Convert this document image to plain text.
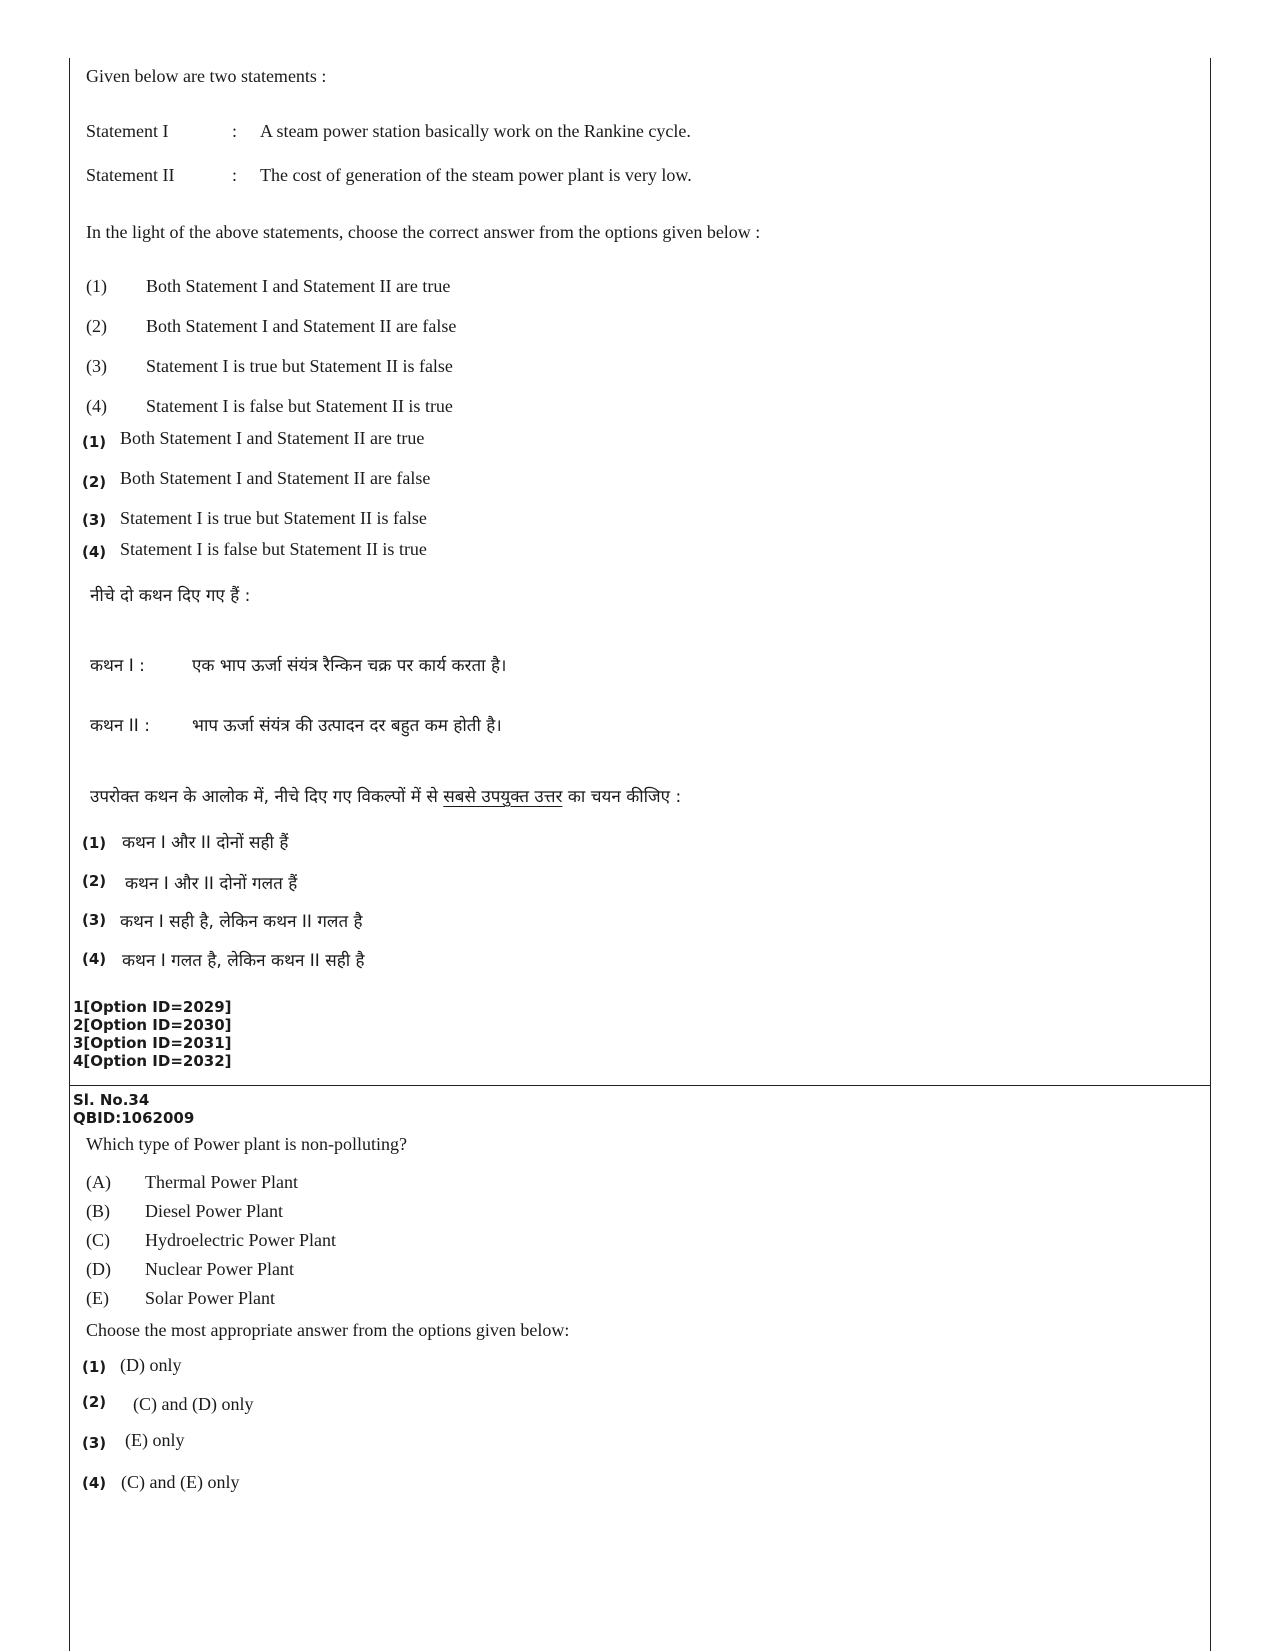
Given below are two statements :
Statement I	: A steam power station basically work on the Rankine cycle.
Statement II	: The cost of generation of the steam power plant is very low.
In the light of the above statements, choose the correct answer from the options given below :
(1) Both Statement I and Statement II are true
(2) Both Statement I and Statement II are false
(3) Statement I is true but Statement II is false
(4) Statement I is false but Statement II is true
(1) Both Statement I and Statement II are true
(2) Both Statement I and Statement II are false
(3) Statement I is true but Statement II is false
(4) Statement I is false but Statement II is true
नीचे दो कथन दिए गए हैं :
कथन I :	एक भाप ऊर्जा संयंत्र रैन्किन चक्र पर कार्य करता है।
कथन II : भाप ऊर्जा संयंत्र की उत्पादन दर बहुत कम होती है।
उपरोक्त कथन के आलोक में, नीचे दिए गए विकल्पों में से सबसे उपयुक्त उत्तर का चयन कीजिए :
(1) कथन I और II दोनों सही हैं
(2) कथन I और II दोनों गलत हैं
(3) कथन I सही है, लेकिन कथन II गलत है
(4) कथन I गलत है, लेकिन कथन II सही है
1[Option ID=2029]
2[Option ID=2030]
3[Option ID=2031]
4[Option ID=2032]
Sl. No.34
QBID:1062009
Which type of Power plant is non-polluting?
(A) Thermal Power Plant
(B) Diesel Power Plant
(C) Hydroelectric Power Plant
(D) Nuclear Power Plant
(E) Solar Power Plant
Choose the most appropriate answer from the options given below:
(1) (D) only
(2) (C) and (D) only
(3) (E) only
(4) (C) and (E) only
